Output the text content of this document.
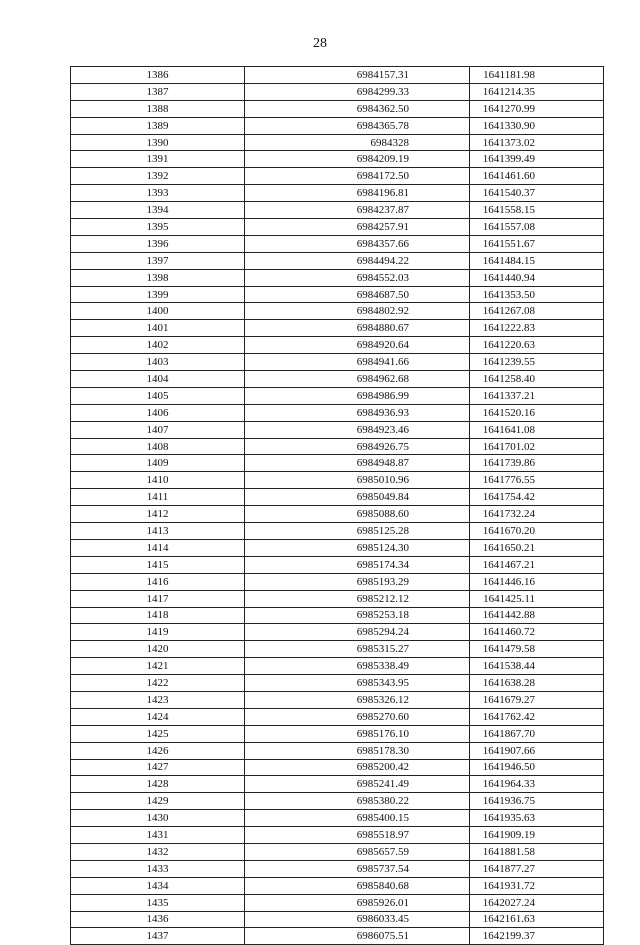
28
1386	6984157.31	1641181.98
1387	6984299.33	1641214.35
1388	6984362.50	1641270.99
1389	6984365.78	1641330.90
1390	6984328	1641373.02
1391	6984209.19	1641399.49
1392	6984172.50	1641461.60
1393	6984196.81	1641540.37
1394	6984237.87	1641558.15
1395	6984257.91	1641557.08
1396	6984357.66	1641551.67
1397	6984494.22	1641484.15
1398	6984552.03	1641440.94
1399	6984687.50	1641353.50
1400	6984802.92	1641267.08
1401	6984880.67	1641222.83
1402	6984920.64	1641220.63
1403	6984941.66	1641239.55
1404	6984962.68	1641258.40
1405	6984986.99	1641337.21
1406	6984936.93	1641520.16
1407	6984923.46	1641641.08
1408	6984926.75	1641701.02
1409	6984948.87	1641739.86
1410	6985010.96	1641776.55
1411	6985049.84	1641754.42
1412	6985088.60	1641732.24
1413	6985125.28	1641670.20
1414	6985124.30	1641650.21
1415	6985174.34	1641467.21
1416	6985193.29	1641446.16
1417	6985212.12	1641425.11
1418	6985253.18	1641442.88
1419	6985294.24	1641460.72
1420	6985315.27	1641479.58
1421	6985338.49	1641538.44
1422	6985343.95	1641638.28
1423	6985326.12	1641679.27
1424	6985270.60	1641762.42
1425	6985176.10	1641867.70
1426	6985178.30	1641907.66
1427	6985200.42	1641946.50
1428	6985241.49	1641964.33
1429	6985380.22	1641936.75
1430	6985400.15	1641935.63
1431	6985518.97	1641909.19
1432	6985657.59	1641881.58
1433	6985737.54	1641877.27
1434	6985840.68	1641931.72
1435	6985926.01	1642027.24
1436	6986033.45	1642161.63
1437	6986075.51	1642199.37
